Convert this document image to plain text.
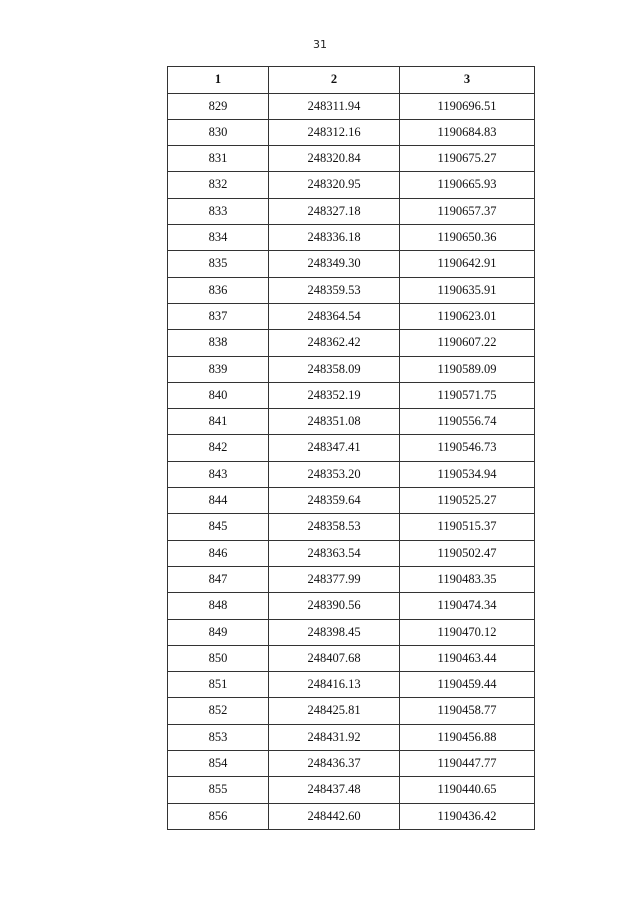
31
1	2	3
829	248311.94	1190696.51
830	248312.16	1190684.83
831	248320.84	1190675.27
832	248320.95	1190665.93
833	248327.18	1190657.37
834	248336.18	1190650.36
835	248349.30	1190642.91
836	248359.53	1190635.91
837	248364.54	1190623.01
838	248362.42	1190607.22
839	248358.09	1190589.09
840	248352.19	1190571.75
841	248351.08	1190556.74
842	248347.41	1190546.73
843	248353.20	1190534.94
844	248359.64	1190525.27
845	248358.53	1190515.37
846	248363.54	1190502.47
847	248377.99	1190483.35
848	248390.56	1190474.34
849	248398.45	1190470.12
850	248407.68	1190463.44
851	248416.13	1190459.44
852	248425.81	1190458.77
853	248431.92	1190456.88
854	248436.37	1190447.77
855	248437.48	1190440.65
856	248442.60	1190436.42
